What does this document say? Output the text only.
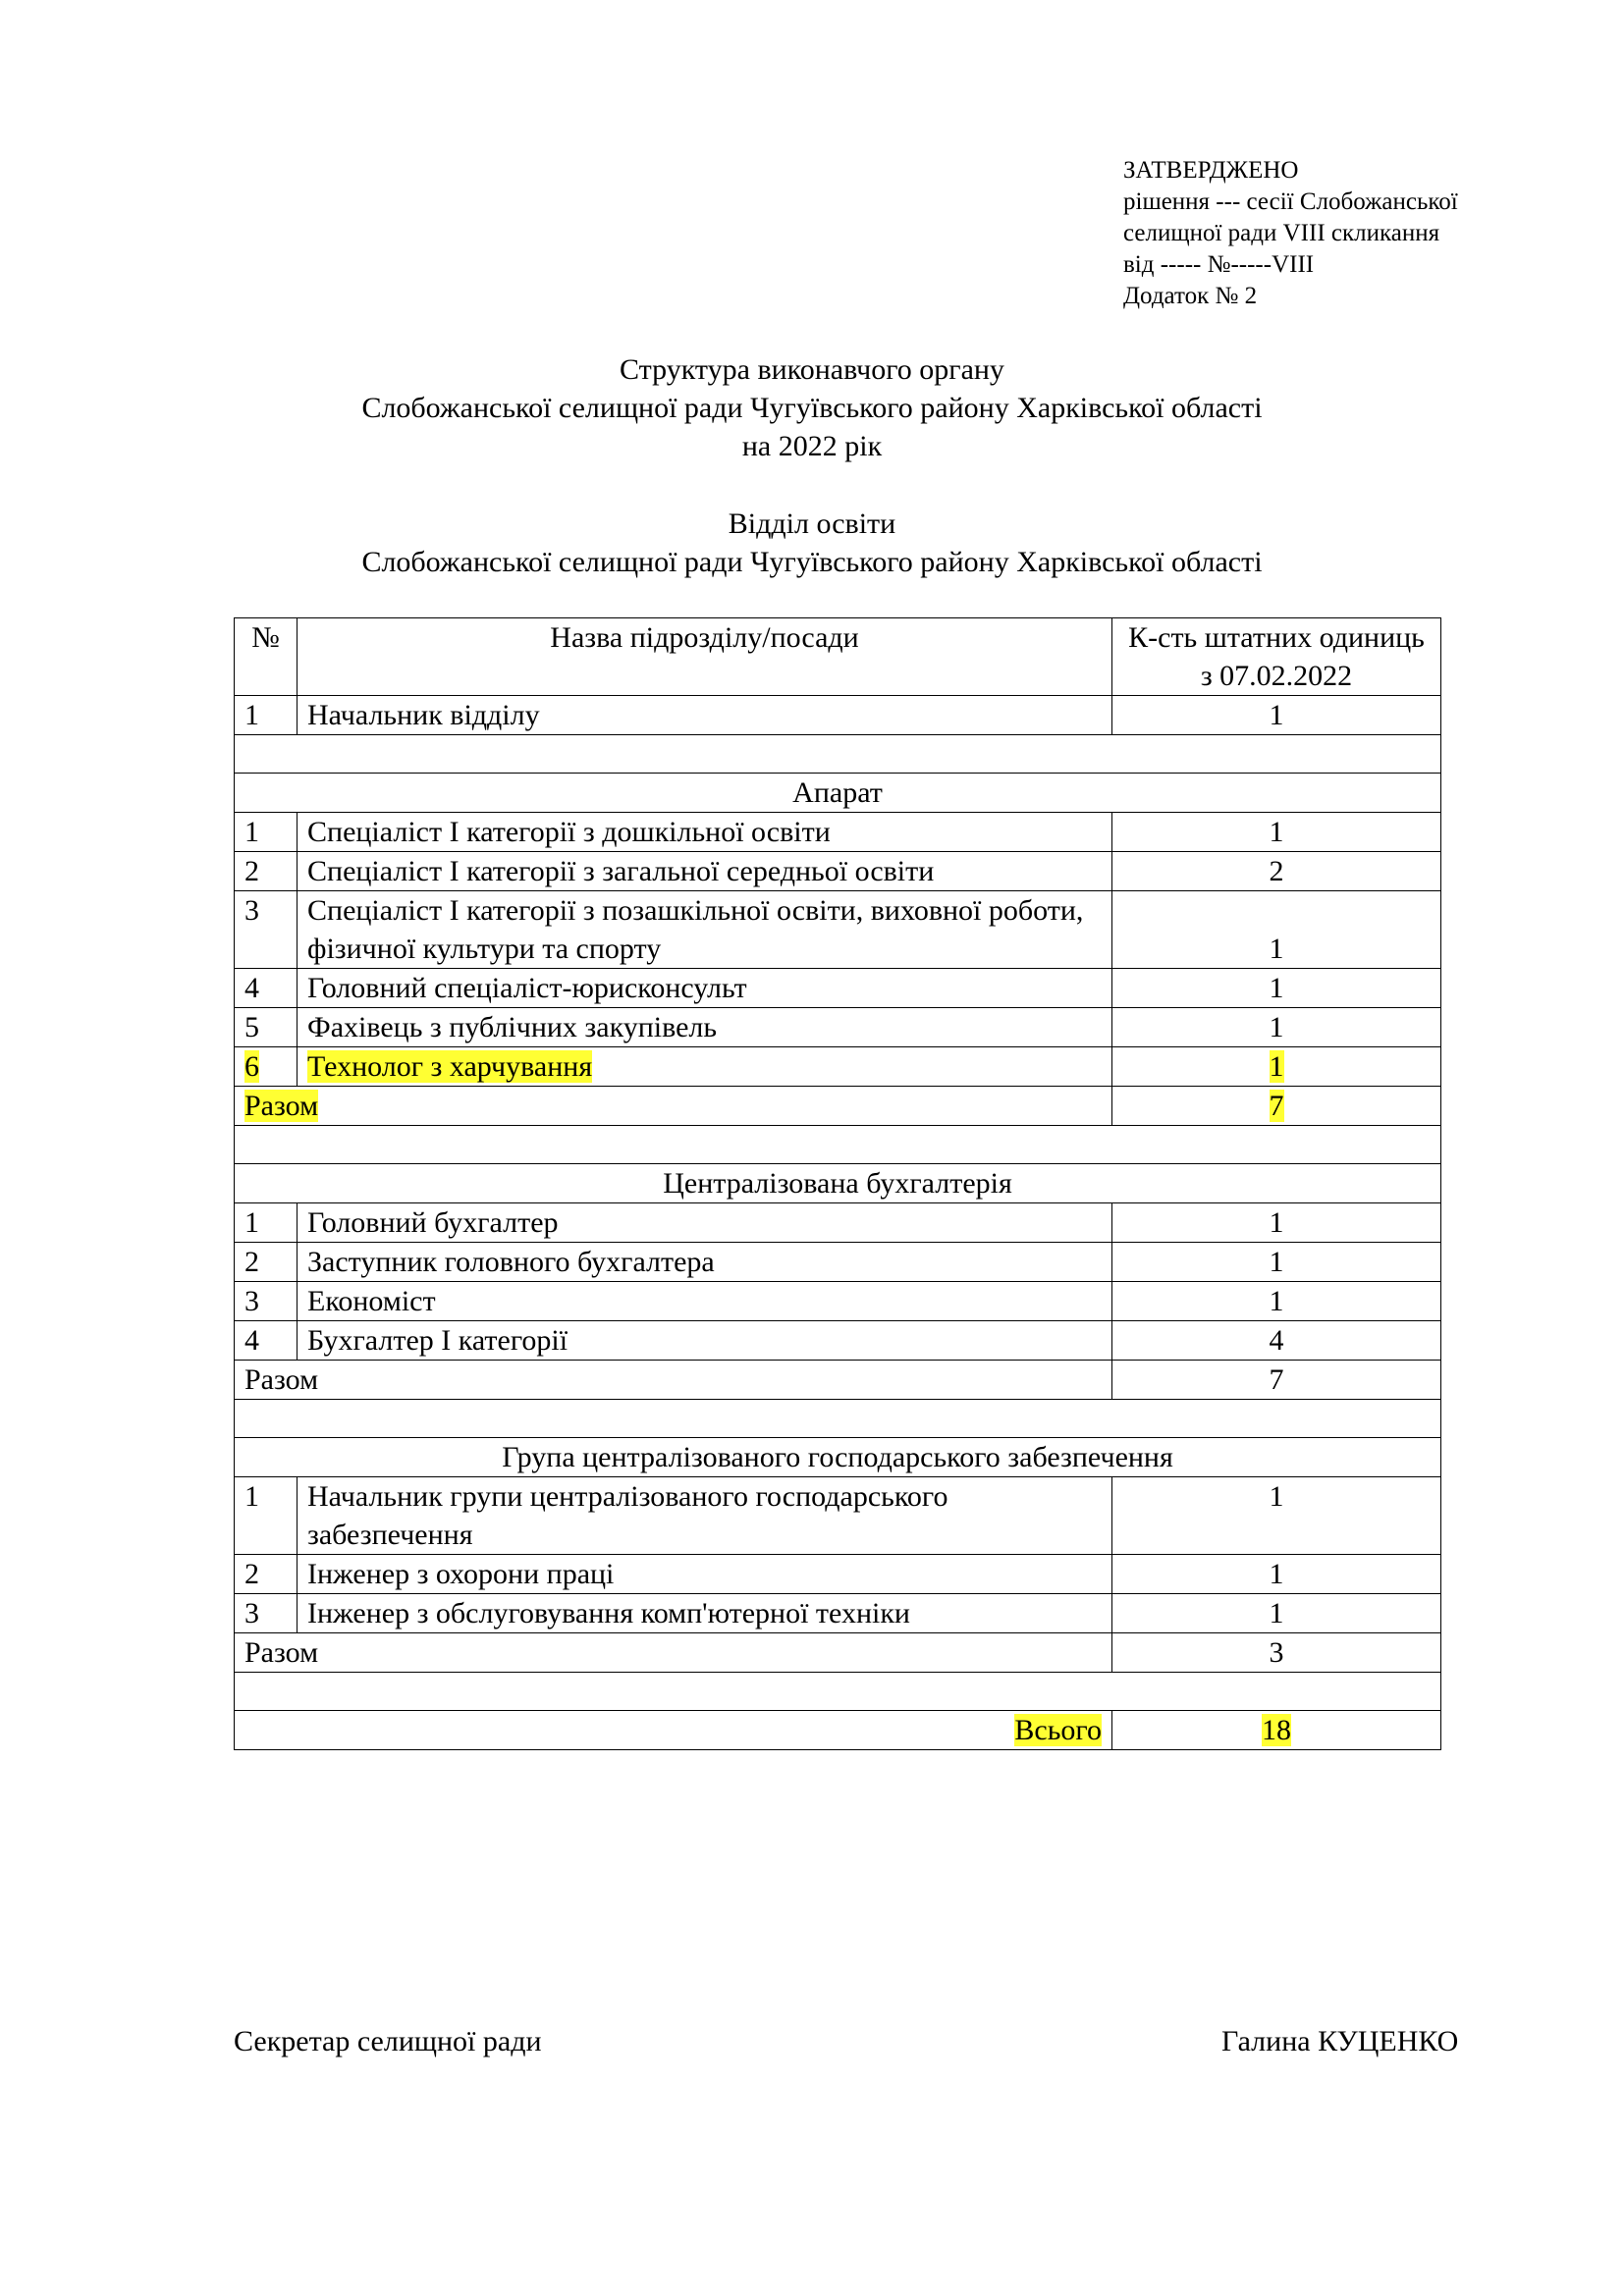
ЗАТВЕРДЖЕНО
рішення --- сесії Слобожанської
селищної ради VIII скликання
від ----- №-----VIII
Додаток № 2
Структура виконавчого органу
Слобожанської селищної ради Чугуївського району Харківської області
на 2022 рік
Відділ освіти
Слобожанської селищної ради Чугуївського району Харківської області
№	Назва підрозділу/посади	К-сть штатних одиниць з 07.02.2022
1	Начальник відділу	1

Апарат		
1	Спеціаліст І категорії з дошкільної освіти	1
2	Спеціаліст І категорії з загальної середньої освіти	2
3	Спеціаліст І категорії з позашкільної освіти, виховної роботи, фізичної культури та спорту	1
4	Головний спеціаліст-юрисконсульт	1
5	Фахівець з публічних закупівель	1
6	Технолог з харчування	1
Разом		7

Централізована бухгалтерія		
1	Головний бухгалтер	1
2	Заступник головного бухгалтера	1
3	Економіст	1
4	Бухгалтер І категорії	4
Разом		7

Група централізованого господарського забезпечення		
1	Начальник групи централізованого господарського забезпечення	1
2	Інженер з охорони праці	1
3	Інженер з обслуговування комп'ютерної техніки	1
Разом		3

Всього		18
Секретар селищної ради	Галина КУЦЕНКО
